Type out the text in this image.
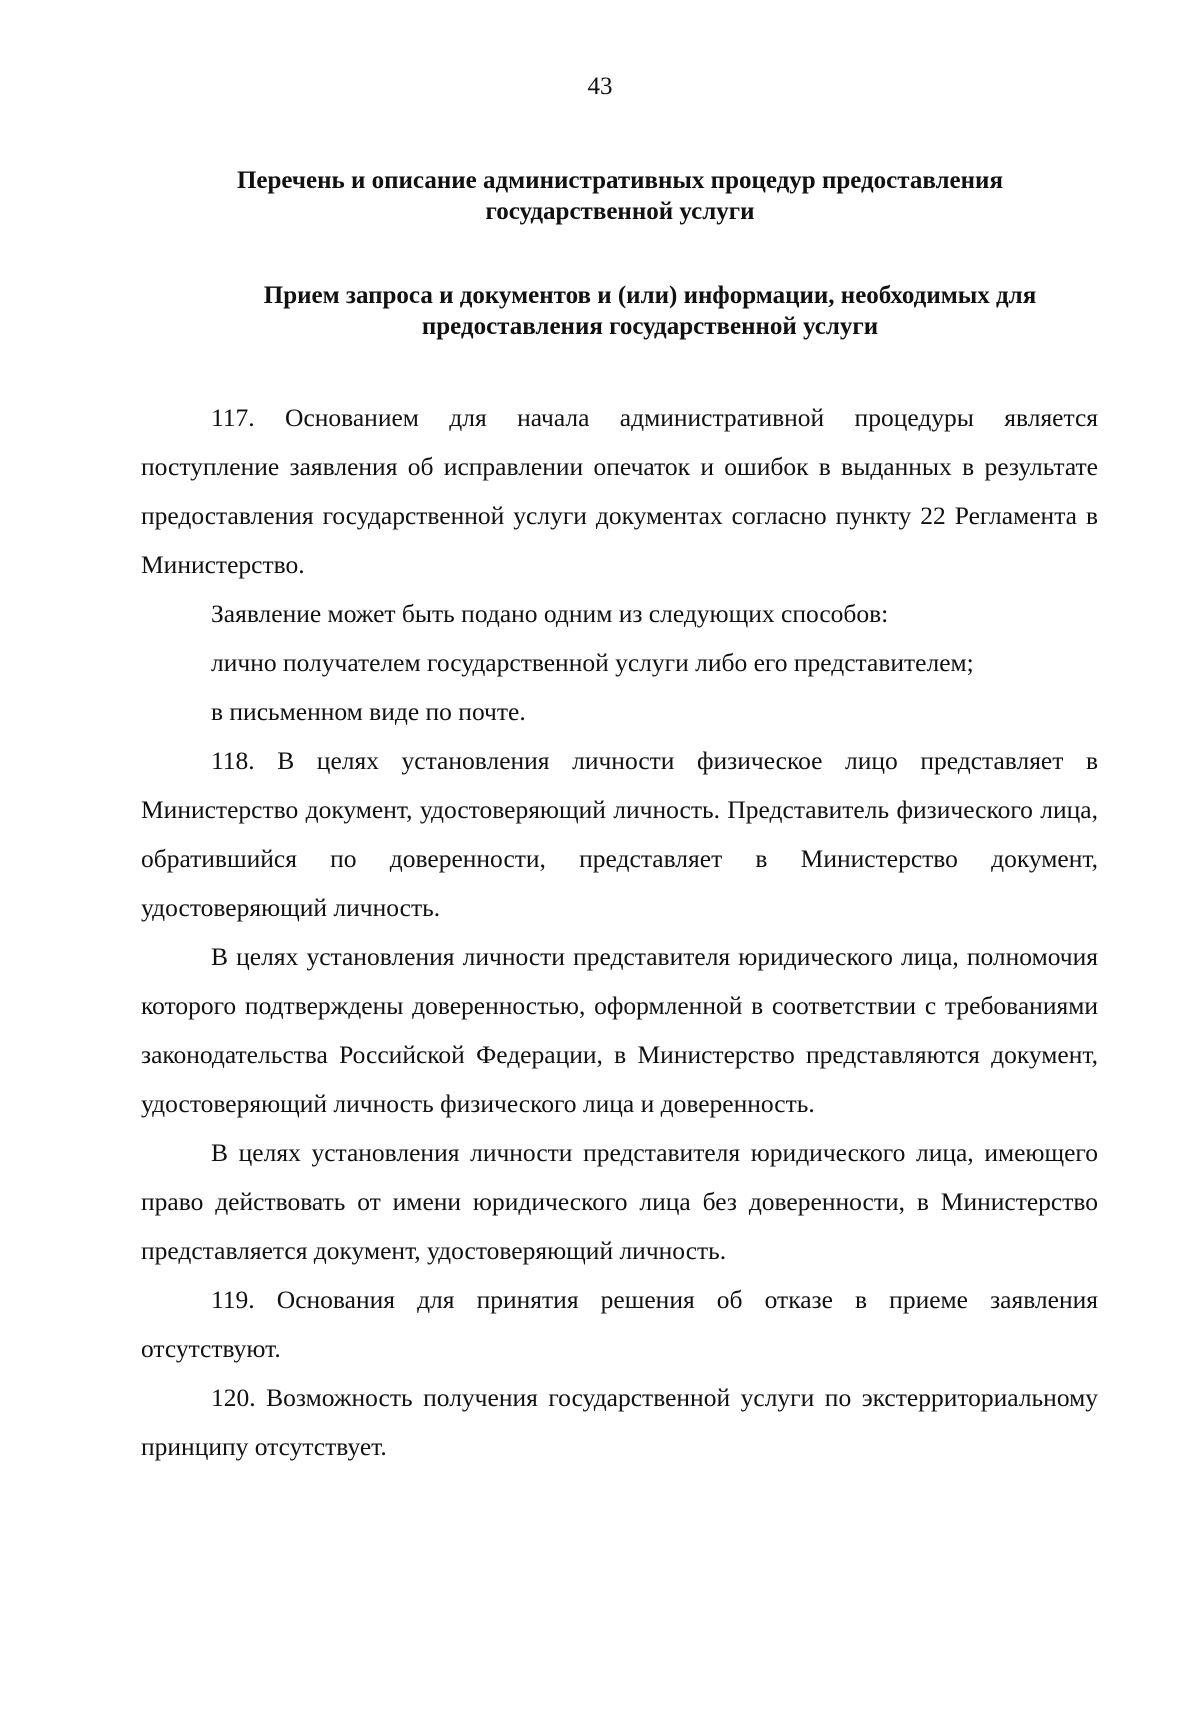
43
Перечень и описание административных процедур предоставления
государственной услуги
Прием запроса и документов и (или) информации, необходимых для
предоставления государственной услуги

117. Основанием для начала административной процедуры является поступление заявления об исправлении опечаток и ошибок в выданных в результате предоставления государственной услуги документах согласно пункту 22 Регламента в Министерство.

Заявление может быть подано одним из следующих способов:

лично получателем государственной услуги либо его представителем;

в письменном виде по почте.

118. В целях установления личности физическое лицо представляет в Министерство документ, удостоверяющий личность. Представитель физического лица, обратившийся по доверенности, представляет в Министерство документ, удостоверяющий личность.

В целях установления личности представителя юридического лица, полномочия которого подтверждены доверенностью, оформленной в соответствии с требованиями законодательства Российской Федерации, в Министерство представляются документ, удостоверяющий личность физического лица и доверенность.

В целях установления личности представителя юридического лица, имеющего право действовать от имени юридического лица без доверенности, в Министерство представляется документ, удостоверяющий личность.

119. Основания для принятия решения об отказе в приеме заявления отсутствуют.

120. Возможность получения государственной услуги по экстерриториальному принципу отсутствует.
